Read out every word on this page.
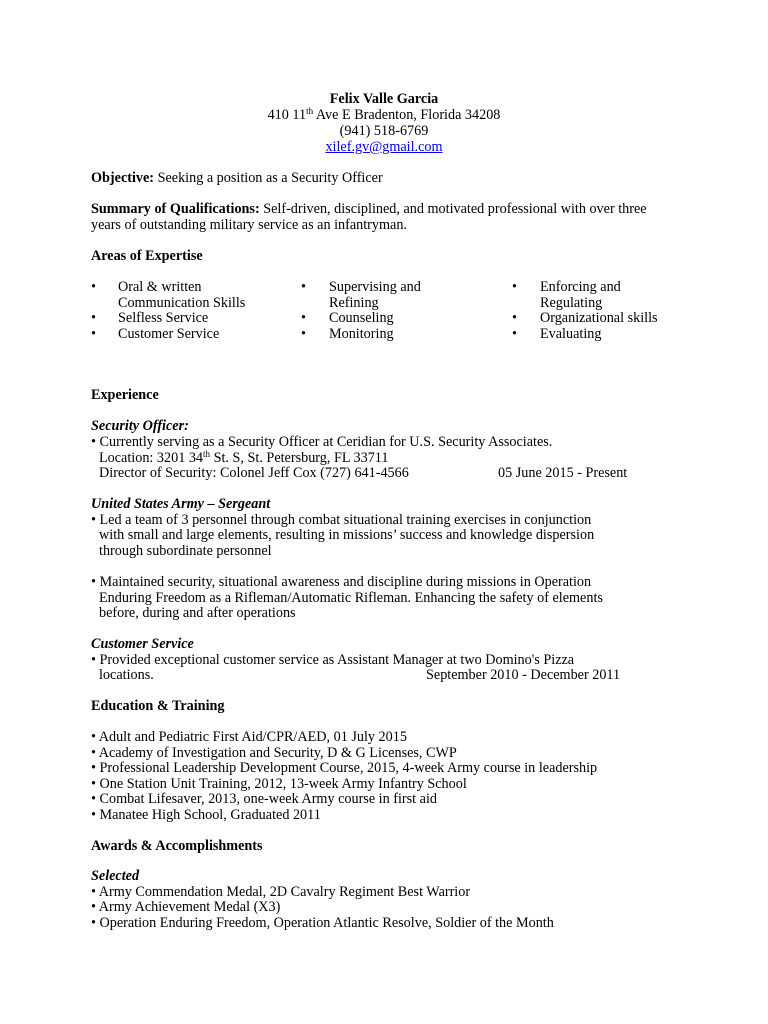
Felix Valle Garcia
410 11th Ave E Bradenton, Florida 34208
(941) 518-6769
xilef.gv@gmail.com
Objective: Seeking a position as a Security Officer
Summary of Qualifications: Self-driven, disciplined, and motivated professional with over three
years of outstanding military service as an infantryman.
Areas of Expertise
• Oral & written
Communication Skills
• Selfless Service
• Customer Service
• Supervising and
Refining
• Counseling
• Monitoring
• Enforcing and
Regulating
• Organizational skills
• Evaluating
Experience
Security Officer:
• Currently serving as a Security Officer at Ceridian for U.S. Security Associates.
Location: 3201 34th St. S, St. Petersburg, FL 33711
Director of Security: Colonel Jeff Cox (727) 641-4566	05 June 2015 - Present
United States Army – Sergeant
• Led a team of 3 personnel through combat situational training exercises in conjunction
with small and large elements, resulting in missions’ success and knowledge dispersion
through subordinate personnel
• Maintained security, situational awareness and discipline during missions in Operation
Enduring Freedom as a Rifleman/Automatic Rifleman. Enhancing the safety of elements
before, during and after operations
Customer Service
• Provided exceptional customer service as Assistant Manager at two Domino's Pizza
locations.	September 2010 - December 2011
Education & Training
• Adult and Pediatric First Aid/CPR/AED, 01 July 2015
• Academy of Investigation and Security, D & G Licenses, CWP
• Professional Leadership Development Course, 2015, 4-week Army course in leadership
• One Station Unit Training, 2012, 13-week Army Infantry School
• Combat Lifesaver, 2013, one-week Army course in first aid
• Manatee High School, Graduated 2011
Awards & Accomplishments
Selected
• Army Commendation Medal, 2D Cavalry Regiment Best Warrior
• Army Achievement Medal (X3)
• Operation Enduring Freedom, Operation Atlantic Resolve, Soldier of the Month
